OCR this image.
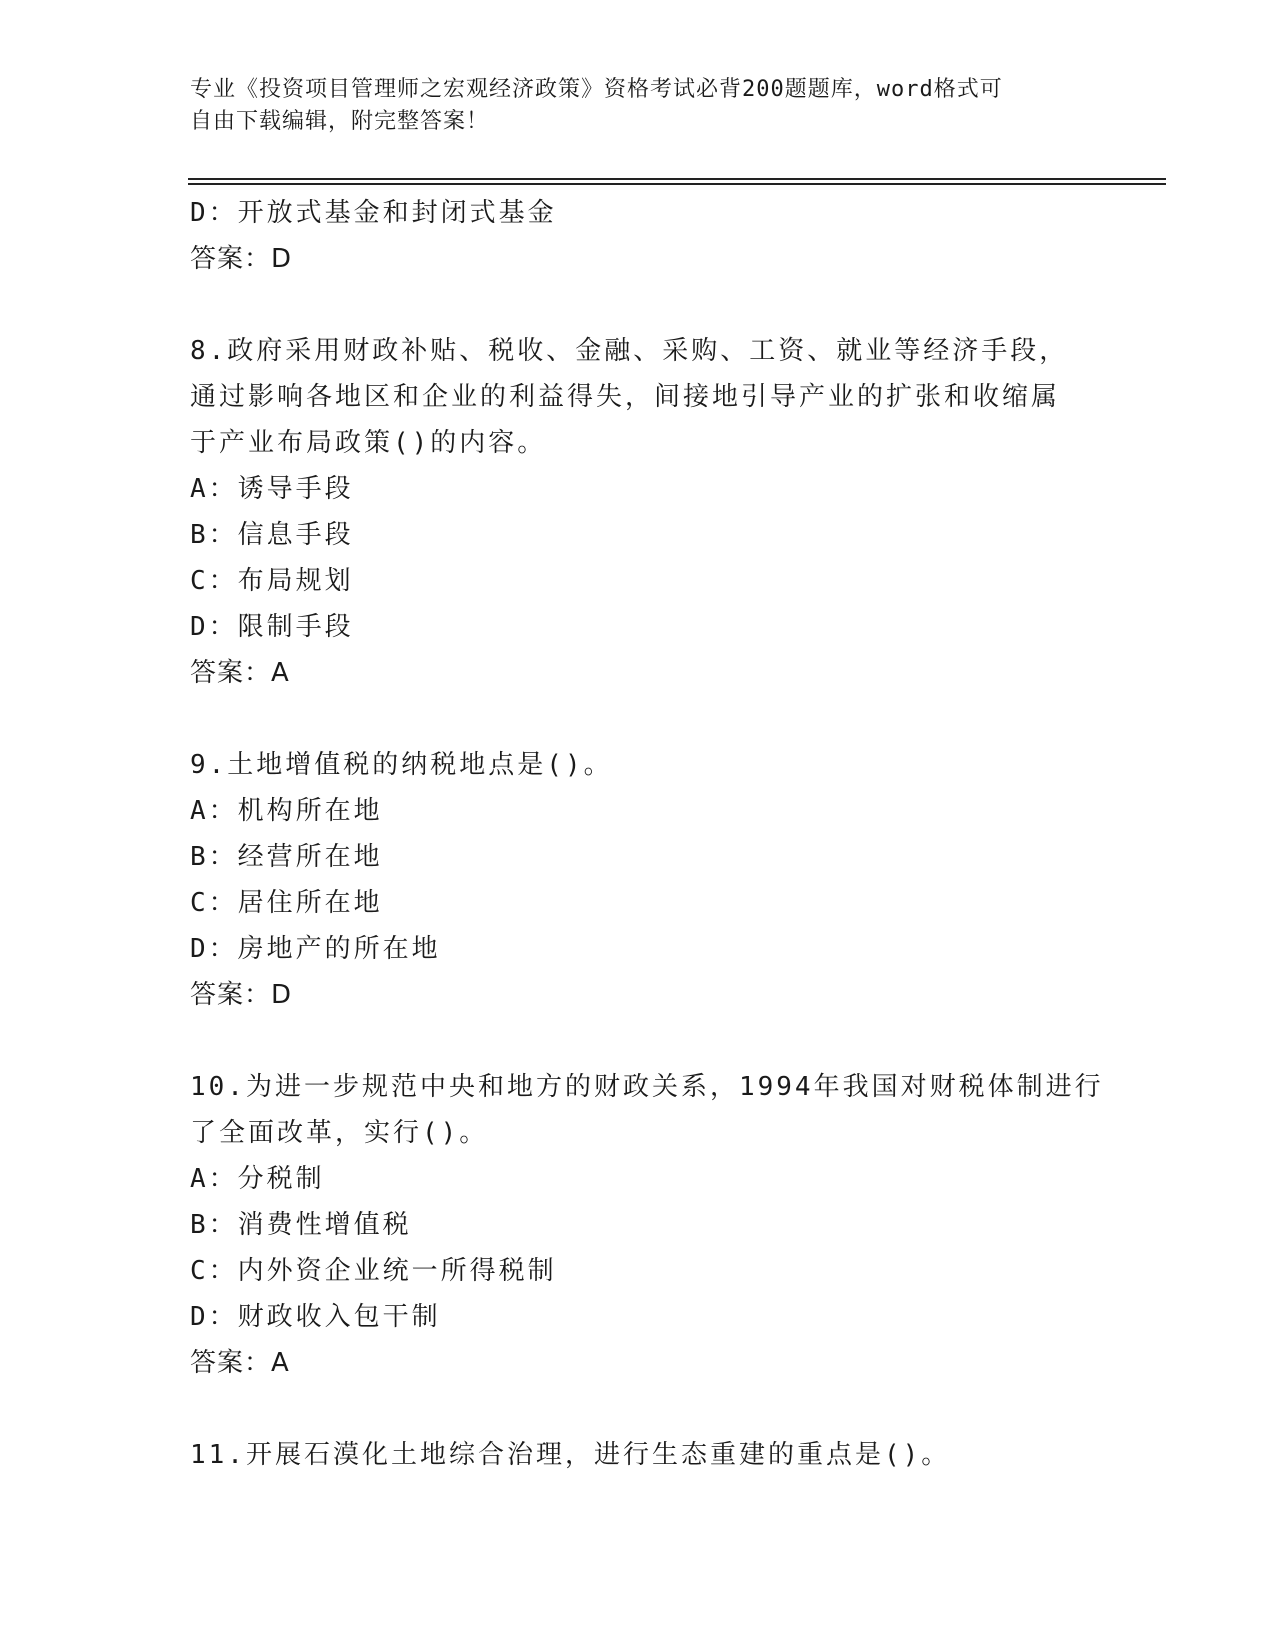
专业《投资项目管理师之宏观经济政策》资格考试必背200题题库，word格式可
自由下载编辑，附完整答案！
D：开放式基金和封闭式基金
答案：D
8.政府采用财政补贴、税收、金融、采购、工资、就业等经济手段，
通过影响各地区和企业的利益得失，间接地引导产业的扩张和收缩属
于产业布局政策()的内容。
A：诱导手段
B：信息手段
C：布局规划
D：限制手段
答案：A
9.土地增值税的纳税地点是()。
A：机构所在地
B：经营所在地
C：居住所在地
D：房地产的所在地
答案：D
10.为进一步规范中央和地方的财政关系，1994年我国对财税体制进行
了全面改革，实行()。
A：分税制
B：消费性增值税
C：内外资企业统一所得税制
D：财政收入包干制
答案：A
11.开展石漠化土地综合治理，进行生态重建的重点是()。
